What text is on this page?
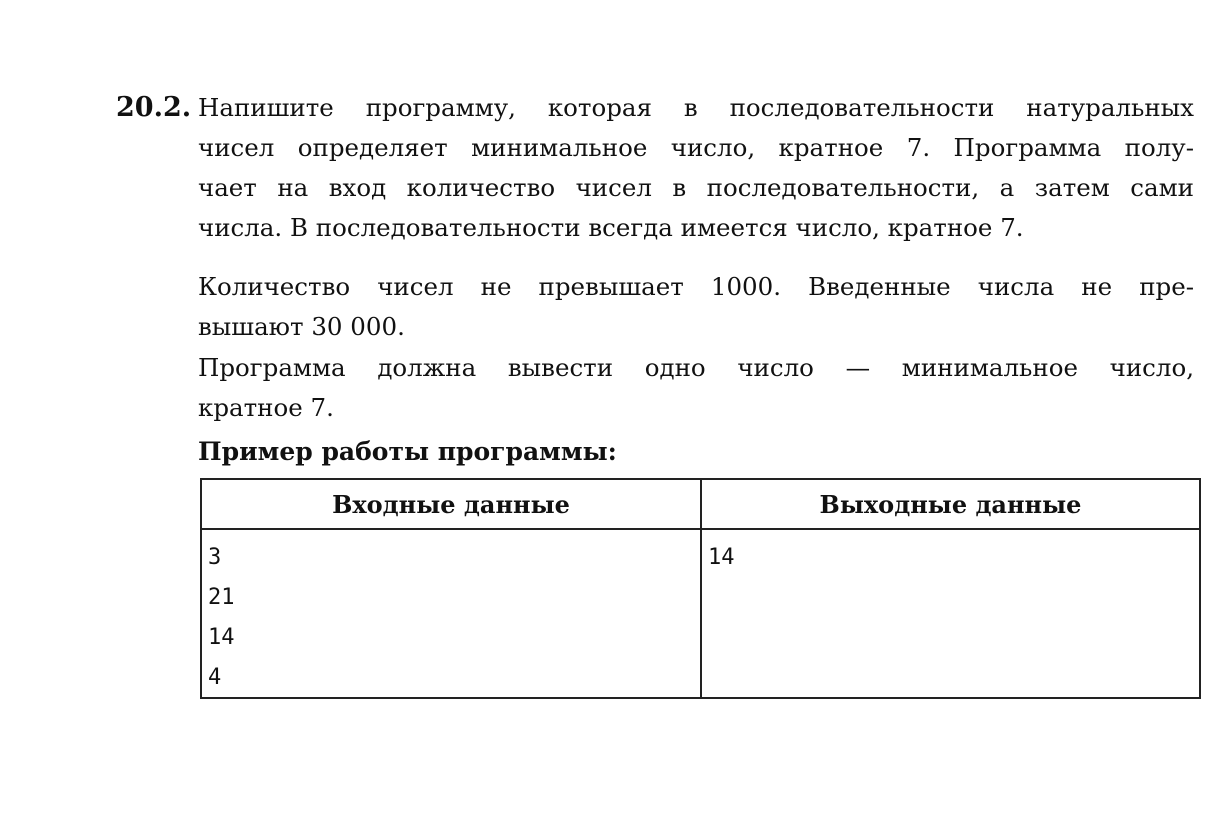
20.2. Напишите программу, которая в последовательности натуральных
чисел определяет минимальное число, кратное 7. Программа полу-
чает на вход количество чисел в последовательности, а затем сами
числа. В последовательности всегда имеется число, кратное 7.
Количество чисел не превышает 1000. Введенные числа не пре-
вышают 30 000.
Программа должна вывести одно число — минимальное число,
кратное 7.
Пример работы программы:
Входные данные	Выходные данные
3
21
14
4
14
